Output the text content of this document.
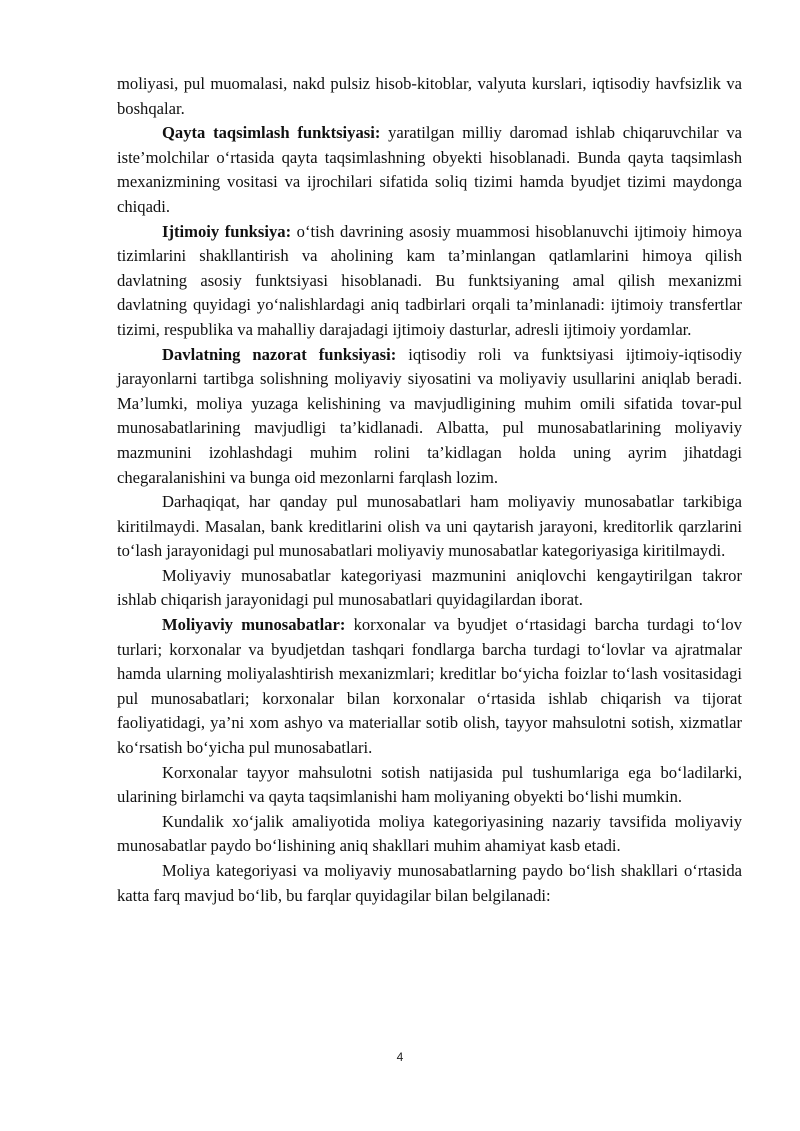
moliyasi, pul muomalasi, nakd pulsiz hisob-kitoblar, valyuta kurslari, iqtisodiy havfsizlik va boshqalar.

Qayta taqsimlash funktsiyasi: yaratilgan milliy daromad ishlab chiqaruvchilar va iste’molchilar oʻrtasida qayta taqsimlashning obyekti hisoblanadi. Bunda qayta taqsimlash mexanizmining vositasi va ijrochilari sifatida soliq tizimi hamda byudjet tizimi maydonga chiqadi.

Ijtimoiy funksiya: oʻtish davrining asosiy muammosi hisoblanuvchi ijtimoiy himoya tizimlarini shakllantirish va aholining kam ta’minlangan qatlamlarini himoya qilish davlatning asosiy funktsiyasi hisoblanadi. Bu funktsiyaning amal qilish mexanizmi davlatning quyidagi yoʻnalishlardagi aniq tadbirlari orqali ta’minlanadi: ijtimoiy transfertlar tizimi, respublika va mahalliy darajadagi ijtimoiy dasturlar, adresli ijtimoiy yordamlar.

Davlatning nazorat funksiyasi: iqtisodiy roli va funktsiyasi ijtimoiy-iqtisodiy jarayonlarni tartibga solishning moliyaviy siyosatini va moliyaviy usullarini aniqlab beradi. Ma’lumki, moliya yuzaga kelishining va mavjudligining muhim omili sifatida tovar-pul munosabatlarining mavjudligi ta’kidlanadi. Albatta, pul munosabatlarining moliyaviy mazmunini izohlashdagi muhim rolini ta’kidlagan holda uning ayrim jihatdagi chegaralanishini va bunga oid mezonlarni farqlash lozim.

Darhaqiqat, har qanday pul munosabatlari ham moliyaviy munosabatlar tarkibiga kiritilmaydi. Masalan, bank kreditlarini olish va uni qaytarish jarayoni, kreditorlik qarzlarini toʻlash jarayonidagi pul munosabatlari moliyaviy munosabatlar kategoriyasiga kiritilmaydi.

Moliyaviy munosabatlar kategoriyasi mazmunini aniqlovchi kengaytirilgan takror ishlab chiqarish jarayonidagi pul munosabatlari quyidagilardan iborat.

Moliyaviy munosabatlar: korxonalar va byudjet oʻrtasidagi barcha turdagi toʻlov turlari; korxonalar va byudjetdan tashqari fondlarga barcha turdagi toʻlovlar va ajratmalar hamda ularning moliyalashtirish mexanizmlari; kreditlar boʻyicha foizlar toʻlash vositasidagi pul munosabatlari; korxonalar bilan korxonalar oʻrtasida ishlab chiqarish va tijorat faoliyatidagi, ya’ni xom ashyo va materiallar sotib olish, tayyor mahsulotni sotish, xizmatlar koʻrsatish boʻyicha pul munosabatlari.

Korxonalar tayyor mahsulotni sotish natijasida pul tushumlariga ega boʻladilarki, ularining birlamchi va qayta taqsimlanishi ham moliyaning obyekti boʻlishi mumkin.

Kundalik xoʻjalik amaliyotida moliya kategoriyasining nazariy tavsifida moliyaviy munosabatlar paydo boʻlishining aniq shakllari muhim ahamiyat kasb etadi.

Moliya kategoriyasi va moliyaviy munosabatlarning paydo boʻlish shakllari oʻrtasida katta farq mavjud boʻlib, bu farqlar quyidagilar bilan belgilanadi:

4
